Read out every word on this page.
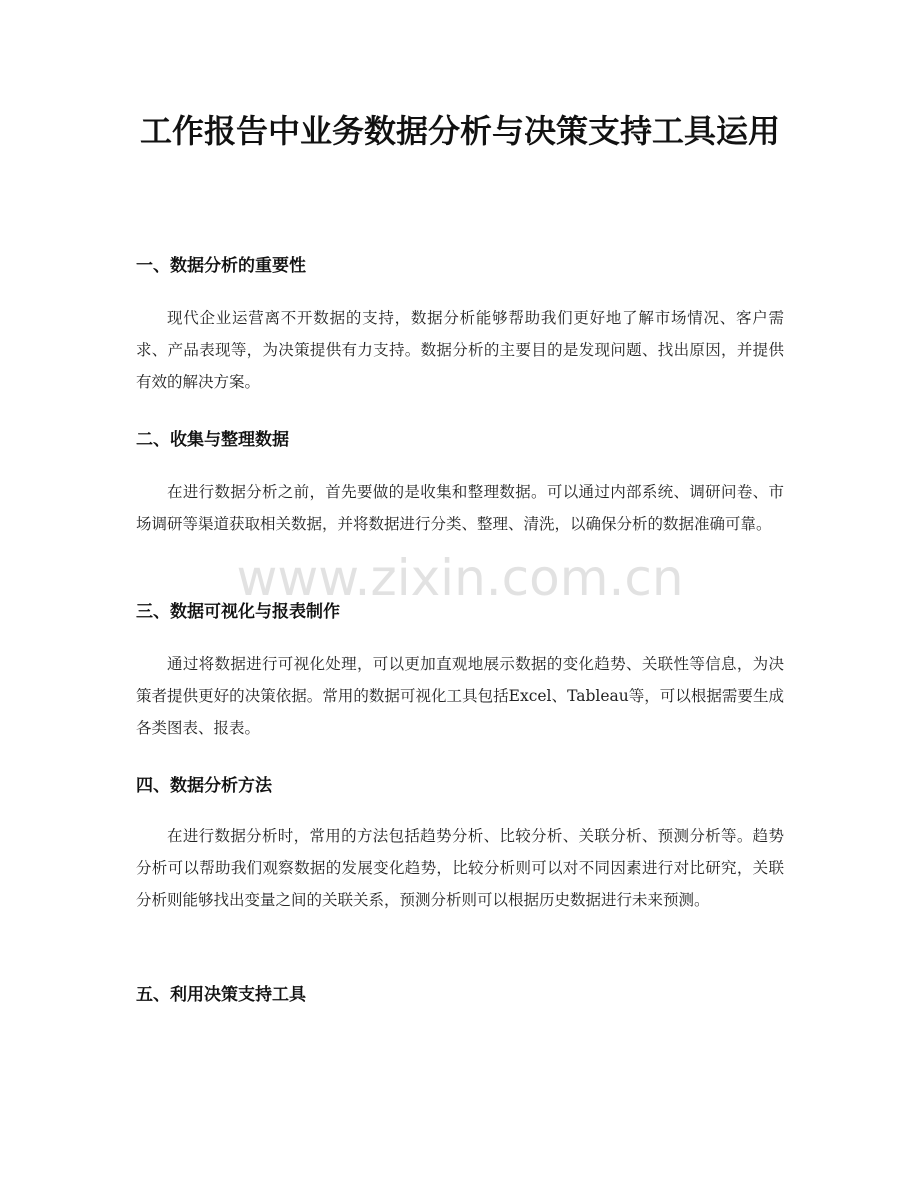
工作报告中业务数据分析与决策支持工具运用
一、数据分析的重要性

现代企业运营离不开数据的支持，数据分析能够帮助我们更好地了解市场情况、客户需求、产品表现等，为决策提供有力支持。数据分析的主要目的是发现问题、找出原因，并提供有效的解决方案。

二、收集与整理数据

在进行数据分析之前，首先要做的是收集和整理数据。可以通过内部系统、调研问卷、市场调研等渠道获取相关数据，并将数据进行分类、整理、清洗，以确保分析的数据准确可靠。

三、数据可视化与报表制作

通过将数据进行可视化处理，可以更加直观地展示数据的变化趋势、关联性等信息，为决策者提供更好的决策依据。常用的数据可视化工具包括Excel、Tableau等，可以根据需要生成各类图表、报表。

四、数据分析方法

在进行数据分析时，常用的方法包括趋势分析、比较分析、关联分析、预测分析等。趋势分析可以帮助我们观察数据的发展变化趋势，比较分析则可以对不同因素进行对比研究，关联分析则能够找出变量之间的关联关系，预测分析则可以根据历史数据进行未来预测。

五、利用决策支持工具
www.zixin.com.cn
